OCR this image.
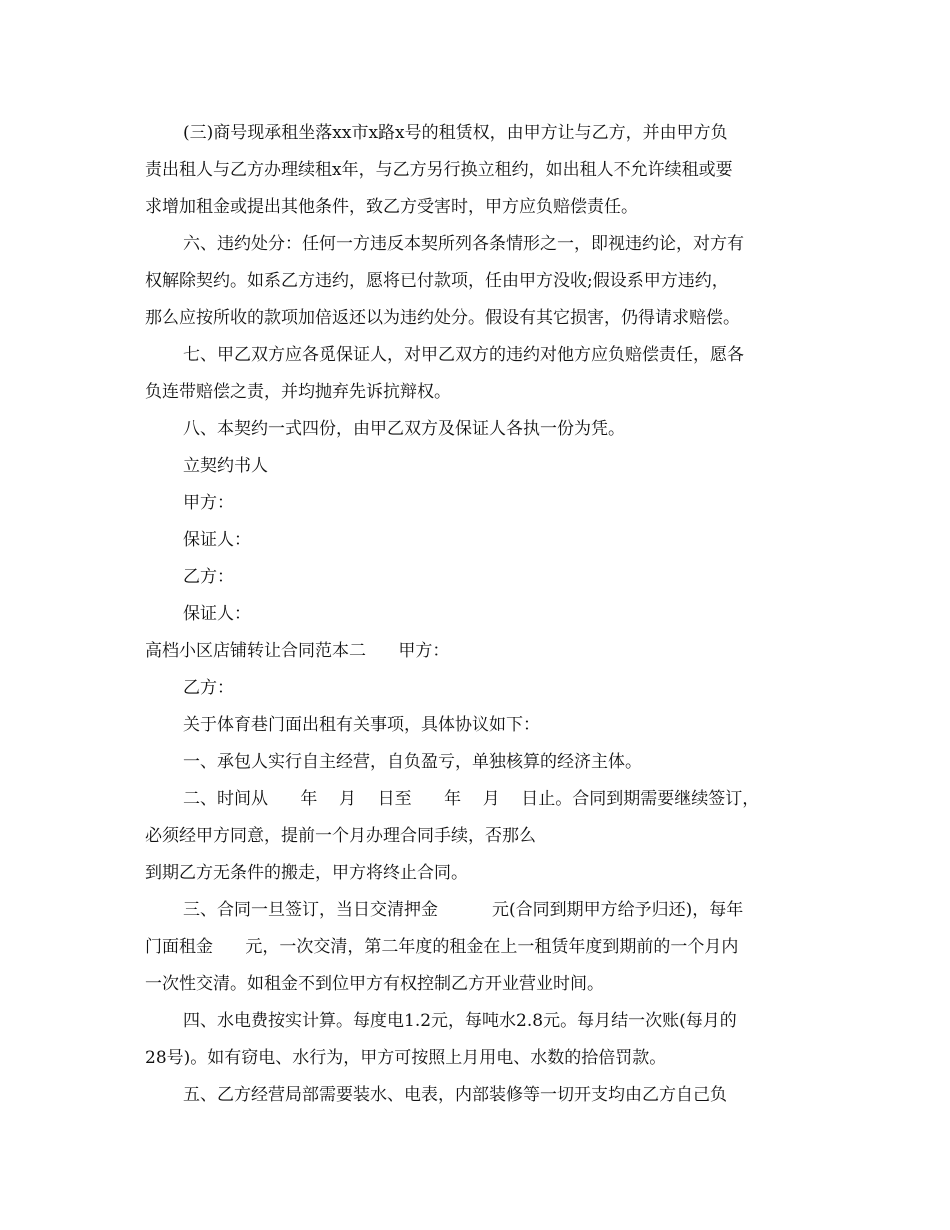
(三)商号现承租坐落xx市x路x号的租赁权，由甲方让与乙方，并由甲方负

责出租人与乙方办理续租x年，与乙方另行换立租约，如出租人不允许续租或要

求增加租金或提出其他条件，致乙方受害时，甲方应负赔偿责任。

六、违约处分：任何一方违反本契所列各条情形之一，即视违约论，对方有

权解除契约。如系乙方违约，愿将已付款项，任由甲方没收;假设系甲方违约，

那么应按所收的款项加倍返还以为违约处分。假设有其它损害，仍得请求赔偿。

七、甲乙双方应各觅保证人，对甲乙双方的违约对他方应负赔偿责任，愿各

负连带赔偿之责，并均抛弃先诉抗辩权。

八、本契约一式四份，由甲乙双方及保证人各执一份为凭。

立契约书人

甲方：

保证人：

乙方：

保证人：

高档小区店铺转让合同范本二      甲方：

乙方：

关于体育巷门面出租有关事项，具体协议如下：

一、承包人实行自主经营，自负盈亏，单独核算的经济主体。

二、时间从      年    月    日至      年    月    日止。合同到期需要继续签订，

必须经甲方同意，提前一个月办理合同手续，否那么

到期乙方无条件的搬走，甲方将终止合同。

三、合同一旦签订，当日交清押金          元(合同到期甲方给予归还)，每年

门面租金      元，一次交清，第二年度的租金在上一租赁年度到期前的一个月内

一次性交清。如租金不到位甲方有权控制乙方开业营业时间。

四、水电费按实计算。每度电1.2元，每吨水2.8元。每月结一次账(每月的

28号)。如有窃电、水行为，甲方可按照上月用电、水数的拾倍罚款。

五、乙方经营局部需要装水、电表，内部装修等一切开支均由乙方自己负
